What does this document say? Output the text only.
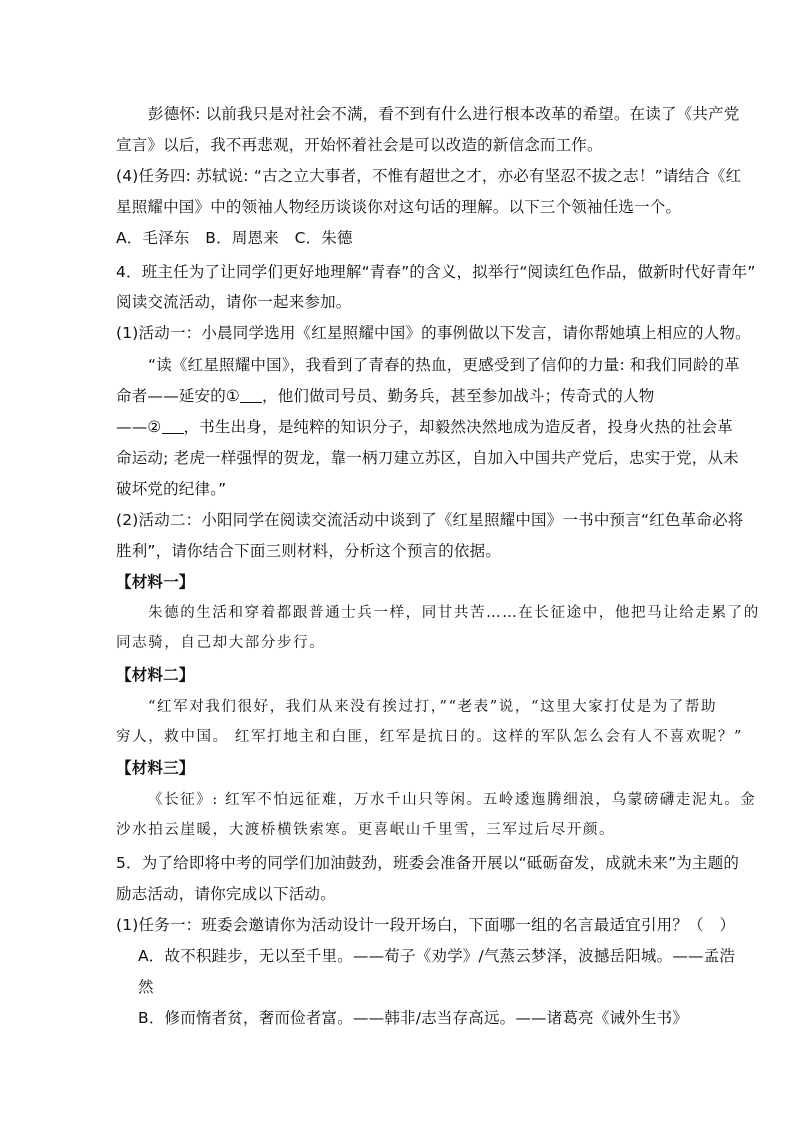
彭德怀: 以前我只是对社会不满，看不到有什么进行根本改革的希望。在读了《共产党

宣言》以后，我不再悲观，开始怀着社会是可以改造的新信念而工作。

(4)任务四: 苏轼说: “古之立大事者，不惟有超世之才，亦必有坚忍不拔之志！”请结合《红

星照耀中国》中的领袖人物经历谈谈你对这句话的理解。以下三个领袖任选一个。

A．毛泽东　B．周恩来　C．朱德

4．班主任为了让同学们更好地理解“青春”的含义，拟举行“阅读红色作品，做新时代好青年”

阅读交流活动，请你一起来参加。

(1)活动一：小晨同学选用《红星照耀中国》的事例做以下发言，请你帮她填上相应的人物。

“读《红星照耀中国》，我看到了青春的热血，更感受到了信仰的力量: 和我们同龄的革

命者——延安的① ，他们做司号员、勤务兵，甚至参加战斗；传奇式的人物

——② ，书生出身，是纯粹的知识分子，却毅然决然地成为造反者，投身火热的社会革

命运动; 老虎一样强悍的贺龙，靠一柄刀建立苏区，自加入中国共产党后，忠实于党，从未

破坏党的纪律。”

(2)活动二：小阳同学在阅读交流活动中谈到了《红星照耀中国》一书中预言“红色革命必将

胜利”，请你结合下面三则材料，分析这个预言的依据。

【材料一】

朱德的生活和穿着都跟普通士兵一样，同甘共苦……在长征途中，他把马让给走累了的

同志骑，自己却大部分步行。

【材料二】

“红军对我们很好，我们从来没有挨过打，”“老表”说，“这里大家打仗是为了帮助

穷人，救中国。 红军打地主和白匪，红军是抗日的。这样的军队怎么会有人不喜欢呢？”

【材料三】

《长征》: 红军不怕远征难，万水千山只等闲。五岭逶迤腾细浪，乌蒙磅礴走泥丸。金

沙水拍云崖暖，大渡桥横铁索寒。更喜岷山千里雪，三军过后尽开颜。

5．为了给即将中考的同学们加油鼓劲，班委会准备开展以“砥砺奋发，成就未来”为主题的

励志活动，请你完成以下活动。

(1)任务一：班委会邀请你为活动设计一段开场白，下面哪一组的名言最适宜引用？（　）

A．故不积跬步，无以至千里。——荀子《劝学》/气蒸云梦泽，波撼岳阳城。——孟浩

然

B．修而惰者贫，奢而俭者富。——韩非/志当存高远。——诸葛亮《诫外生书》
